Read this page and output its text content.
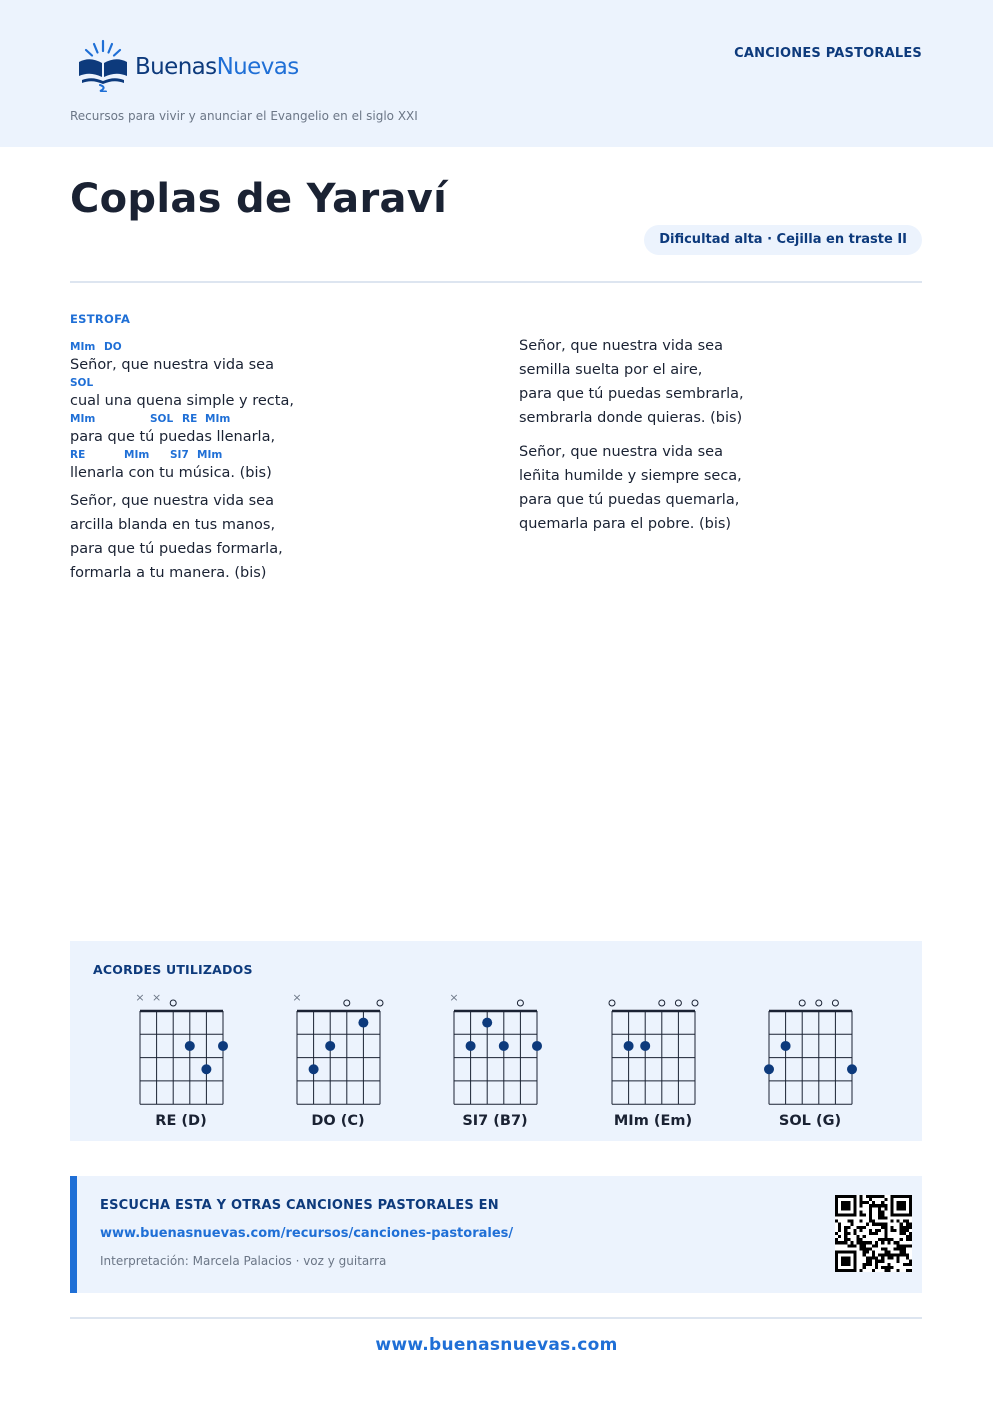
BuenasNuevas
CANCIONES PASTORALES
Recursos para vivir y anunciar el Evangelio en el siglo XXI
Coplas de Yaraví
Dificultad alta · Cejilla en traste II
ESTROFA
MIm DO
Señor, que nuestra vida sea
SOL
cual una quena simple y recta,
MIm	SOL RE MIm
para que tú puedas llenarla,
RE	MIm SI7 MIm
llenarla con tu música. (bis)
Señor, que nuestra vida sea
arcilla blanda en tus manos,
para que tú puedas formarla,
formarla a tu manera. (bis)
Señor, que nuestra vida sea
semilla suelta por el aire,
para que tú puedas sembrarla,
sembrarla donde quieras. (bis)
Señor, que nuestra vida sea
leñita humilde y siempre seca,
para que tú puedas quemarla,
quemarla para el pobre. (bis)
ACORDES UTILIZADOS
× ×
RE (D)
×
DO (C)
×
SI7 (B7)	MIm (Em)	SOL (G)
ESCUCHA ESTA Y OTRAS CANCIONES PASTORALES EN
www.buenasnuevas.com/recursos/canciones-pastorales/
Interpretación: Marcela Palacios · voz y guitarra
www.buenasnuevas.com
